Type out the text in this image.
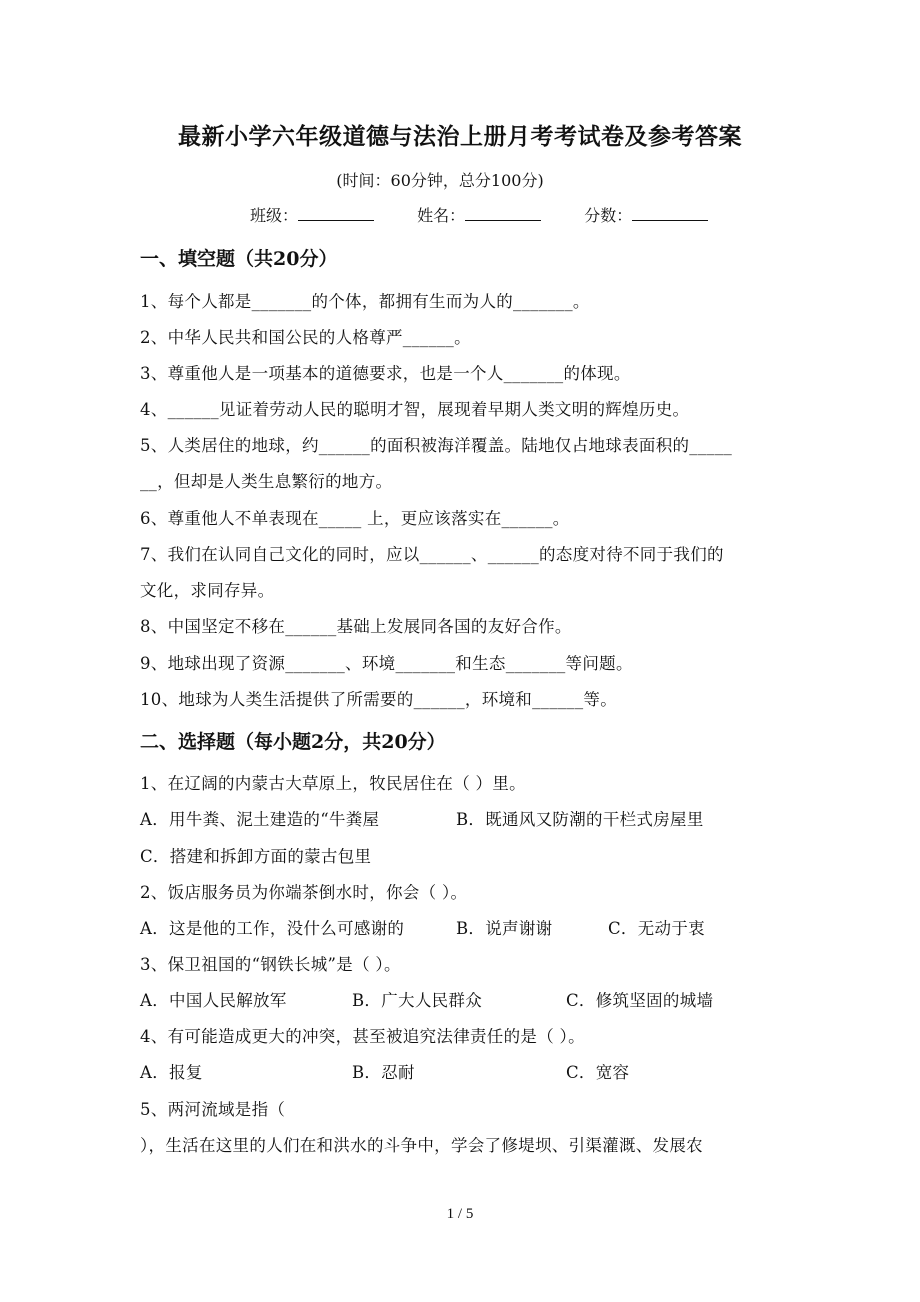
最新小学六年级道德与法治上册月考考试卷及参考答案
(时间：60分钟，总分100分)
班级：	姓名：	分数：
一、填空题（共20分）
1、每个人都是_______的个体，都拥有生而为人的_______。
2、中华人民共和国公民的人格尊严______。
3、尊重他人是一项基本的道德要求，也是一个人_______的体现。
4、______见证着劳动人民的聪明才智，展现着早期人类文明的辉煌历史。
5、人类居住的地球，约______的面积被海洋覆盖。陆地仅占地球表面积的_____
__，但却是人类生息繁衍的地方。
6、尊重他人不单表现在_____ 上，更应该落实在______。
7、我们在认同自己文化的同时，应以______、______的态度对待不同于我们的
文化，求同存异。
8、中国坚定不移在______基础上发展同各国的友好合作。
9、地球出现了资源_______、环境_______和生态_______等问题。
10、地球为人类生活提供了所需要的______，环境和______等。
二、选择题（每小题2分，共20分）
1、在辽阔的内蒙古大草原上，牧民居住在（ ）里。
A．用牛粪、泥土建造的“牛粪屋	B．既通风又防潮的干栏式房屋里
C．搭建和拆卸方面的蒙古包里
2、饭店服务员为你端茶倒水时，你会（ ）。
A．这是他的工作，没什么可感谢的	B．说声谢谢	C．无动于衷
3、保卫祖国的“钢铁长城”是（ ）。
A．中国人民解放军	B．广大人民群众	C．修筑坚固的城墙
4、有可能造成更大的冲突，甚至被追究法律责任的是（ ）。
A．报复	B．忍耐	C．宽容
5、两河流域是指（
），生活在这里的人们在和洪水的斗争中，学会了修堤坝、引渠灌溉、发展农
1 / 5
